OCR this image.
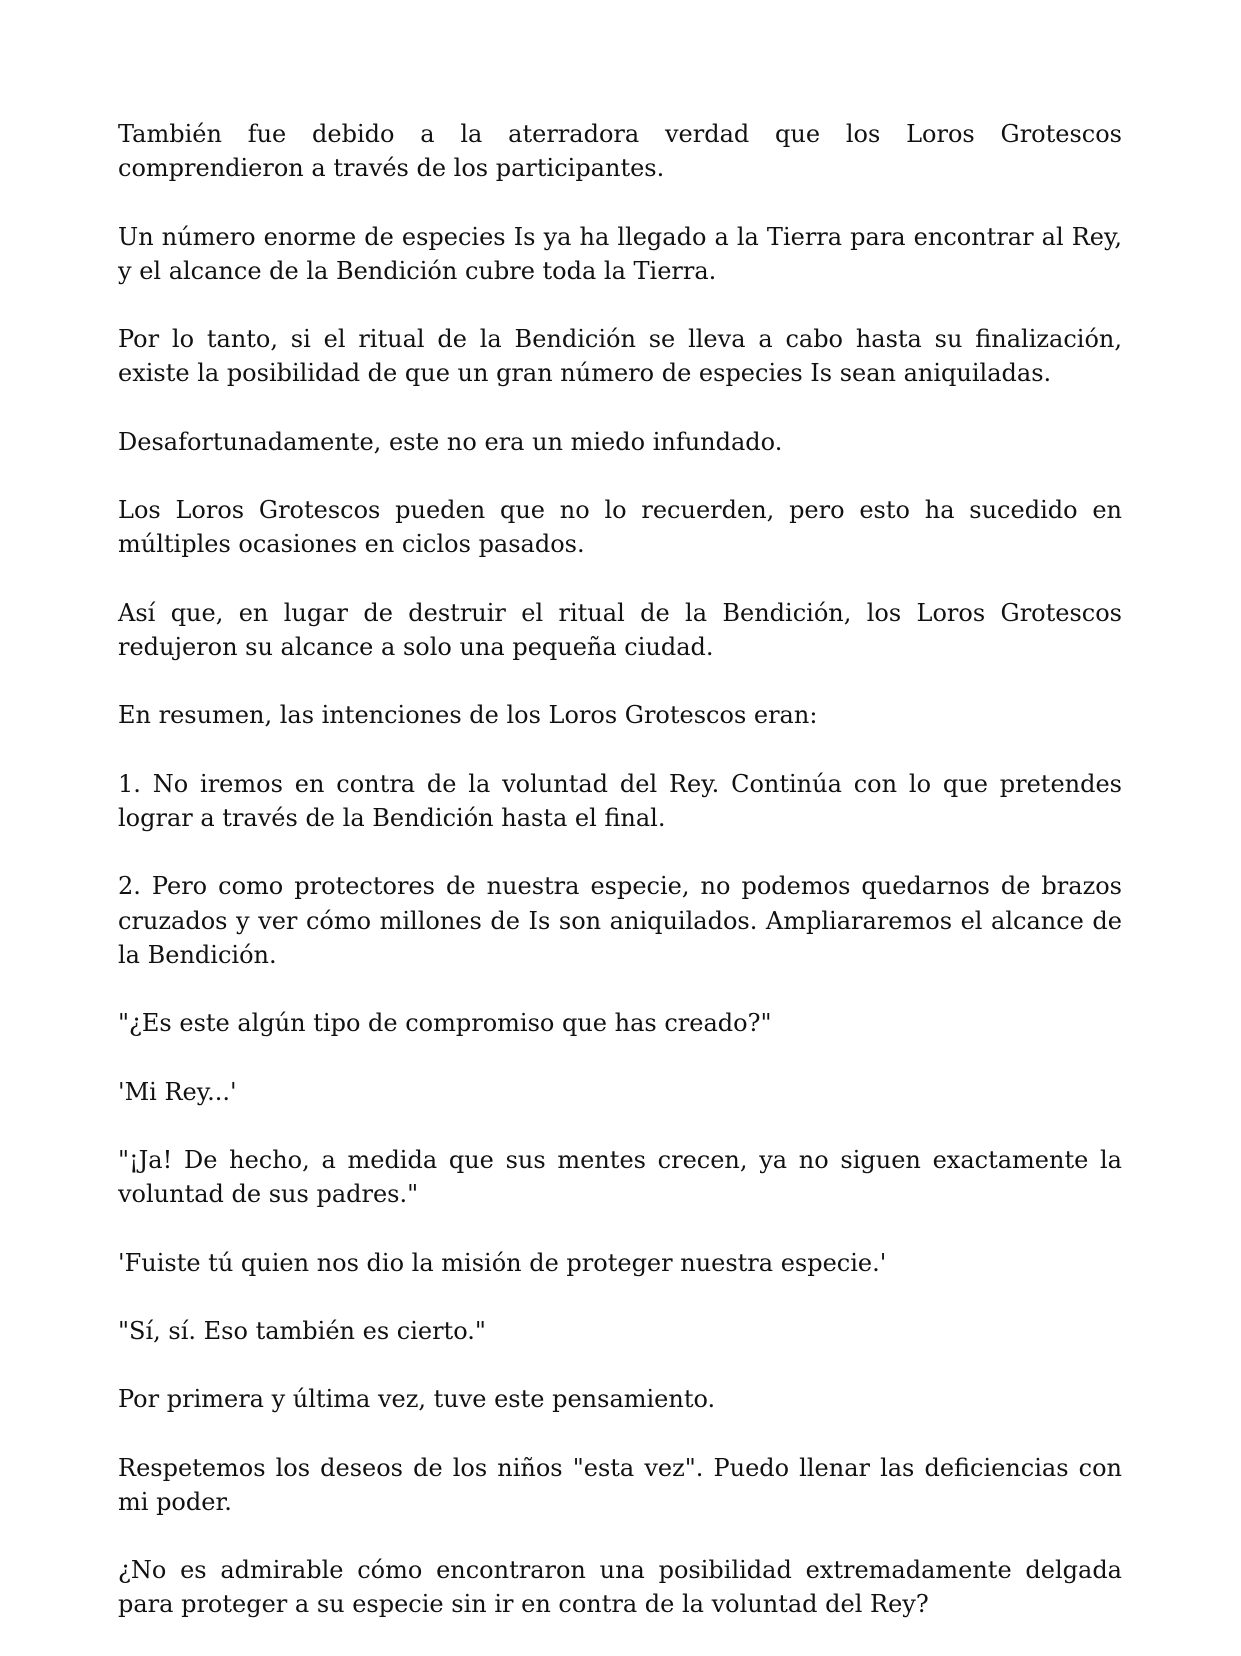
También fue debido a la aterradora verdad que los Loros Grotescos comprendieron a través de los participantes.

Un número enorme de especies Is ya ha llegado a la Tierra para encontrar al Rey, y el alcance de la Bendición cubre toda la Tierra.

Por lo tanto, si el ritual de la Bendición se lleva a cabo hasta su finalización, existe la posibilidad de que un gran número de especies Is sean aniquiladas.

Desafortunadamente, este no era un miedo infundado.

Los Loros Grotescos pueden que no lo recuerden, pero esto ha sucedido en múltiples ocasiones en ciclos pasados.

Así que, en lugar de destruir el ritual de la Bendición, los Loros Grotescos redujeron su alcance a solo una pequeña ciudad.

En resumen, las intenciones de los Loros Grotescos eran:

1. No iremos en contra de la voluntad del Rey. Continúa con lo que pretendes lograr a través de la Bendición hasta el final.

2. Pero como protectores de nuestra especie, no podemos quedarnos de brazos cruzados y ver cómo millones de Is son aniquilados. Ampliararemos el alcance de la Bendición.

"¿Es este algún tipo de compromiso que has creado?"

'Mi Rey...'

"¡Ja! De hecho, a medida que sus mentes crecen, ya no siguen exactamente la voluntad de sus padres."

'Fuiste tú quien nos dio la misión de proteger nuestra especie.'

"Sí, sí. Eso también es cierto."

Por primera y última vez, tuve este pensamiento.

Respetemos los deseos de los niños "esta vez". Puedo llenar las deficiencias con mi poder.

¿No es admirable cómo encontraron una posibilidad extremadamente delgada para proteger a su especie sin ir en contra de la voluntad del Rey?
